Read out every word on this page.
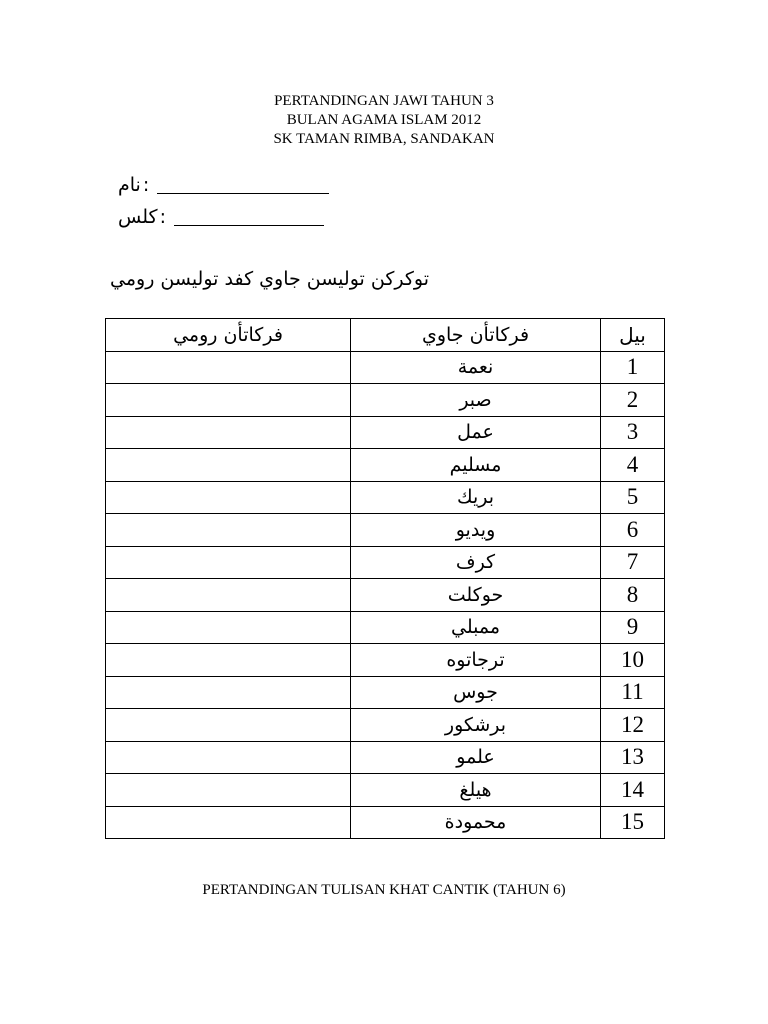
PERTANDINGAN JAWI TAHUN 3
BULAN AGAMA ISLAM 2012
SK TAMAN RIMBA, SANDAKAN
نام :
کلس :
توکرکن توليسن جاوي کفد توليسن رومي
فرکاتأن رومي	فرکاتأن جاوي	بيل
	نعمة	1
	صبر	2
	عمل	3
	مسليم	4
	بريك	5
	ويديو	6
	کرف	7
	حوکلت	8
	ممبلي	9
	ترجاتوه	10
	جوس	11
	برشکور	12
	علمو	13
	هيلغ	14
	محمودة	15
PERTANDINGAN TULISAN KHAT CANTIK (TAHUN 6)
